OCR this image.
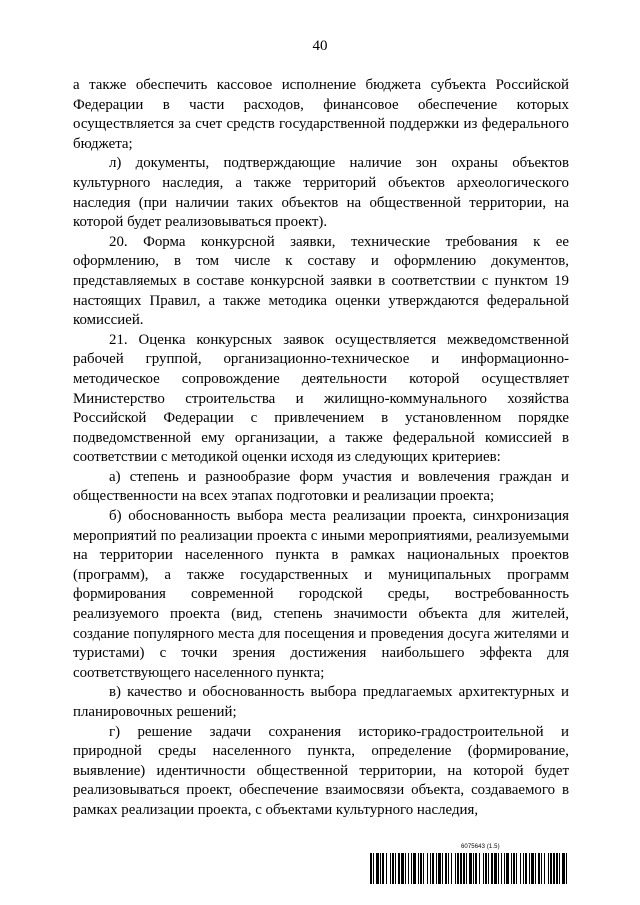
40

а также обеспечить кассовое исполнение бюджета субъекта Российской Федерации в части расходов, финансовое обеспечение которых осуществляется за счет средств государственной поддержки из федерального бюджета;

л) документы, подтверждающие наличие зон охраны объектов культурного наследия, а также территорий объектов археологического наследия (при наличии таких объектов на общественной территории, на которой будет реализовываться проект).

20. Форма конкурсной заявки, технические требования к ее оформлению, в том числе к составу и оформлению документов, представляемых в составе конкурсной заявки в соответствии с пунктом 19 настоящих Правил, а также методика оценки утверждаются федеральной комиссией.

21. Оценка конкурсных заявок осуществляется межведомственной рабочей группой, организационно-техническое и информационно-методическое сопровождение деятельности которой осуществляет Министерство строительства и жилищно-коммунального хозяйства Российской Федерации с привлечением в установленном порядке подведомственной ему организации, а также федеральной комиссией в соответствии с методикой оценки исходя из следующих критериев:

а) степень и разнообразие форм участия и вовлечения граждан и общественности на всех этапах подготовки и реализации проекта;

б) обоснованность выбора места реализации проекта, синхронизация мероприятий по реализации проекта с иными мероприятиями, реализуемыми на территории населенного пункта в рамках национальных проектов (программ), а также государственных и муниципальных программ формирования современной городской среды, востребованность реализуемого проекта (вид, степень значимости объекта для жителей, создание популярного места для посещения и проведения досуга жителями и туристами) с точки зрения достижения наибольшего эффекта для соответствующего населенного пункта;

в) качество и обоснованность выбора предлагаемых архитектурных и планировочных решений;

г) решение задачи сохранения историко-градостроительной и природной среды населенного пункта, определение (формирование, выявление) идентичности общественной территории, на которой будет реализовываться проект, обеспечение взаимосвязи объекта, создаваемого в рамках реализации проекта, с объектами культурного наследия,

6075643 (1.5)
